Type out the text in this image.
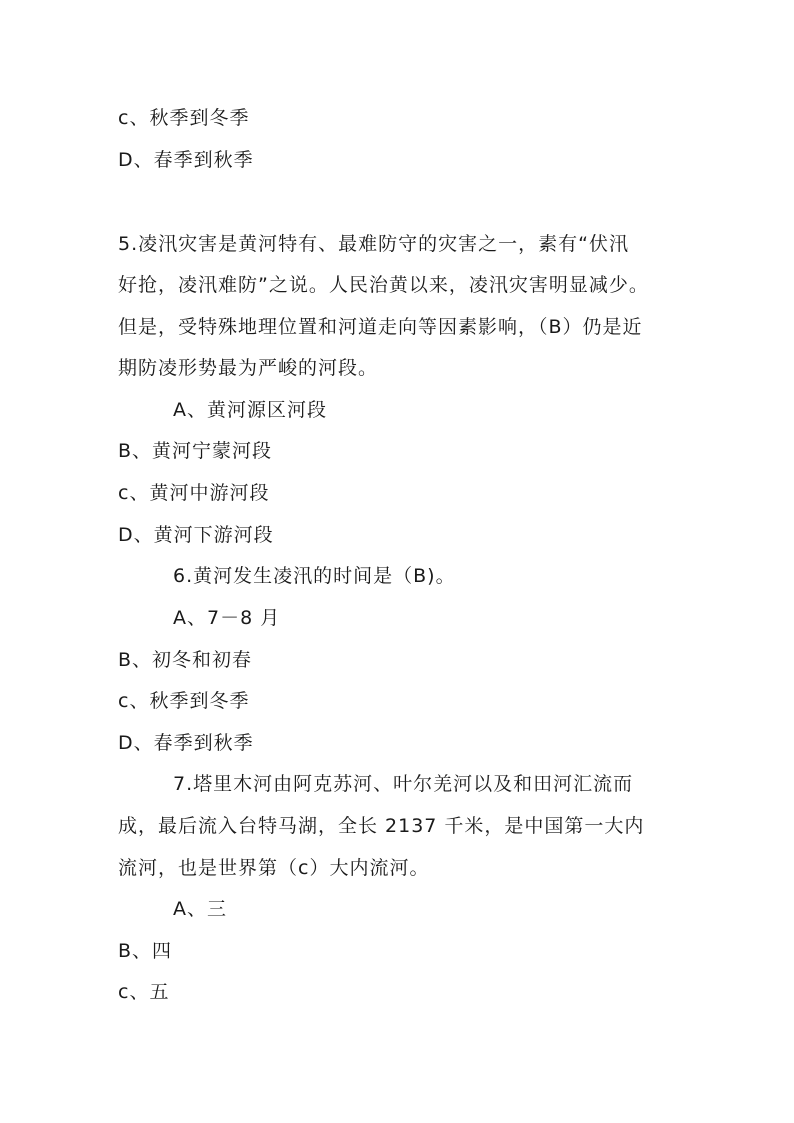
c、秋季到冬季
D、春季到秋季
5.凌汛灾害是黄河特有、最难防守的灾害之一，素有“伏汛
好抢，凌汛难防”之说。人民治黄以来，凌汛灾害明显减少。
但是，受特殊地理位置和河道走向等因素影响，（B）仍是近
期防凌形势最为严峻的河段。
A、黄河源区河段
B、黄河宁蒙河段
c、黄河中游河段
D、黄河下游河段
6.黄河发生凌汛的时间是（B)。
A、7－8 月
B、初冬和初春
c、秋季到冬季
D、春季到秋季
7.塔里木河由阿克苏河、叶尔羌河以及和田河汇流而
成，最后流入台特马湖，全长 2137 千米，是中国第一大内
流河，也是世界第（c）大内流河。
A、三
B、四
c、五
